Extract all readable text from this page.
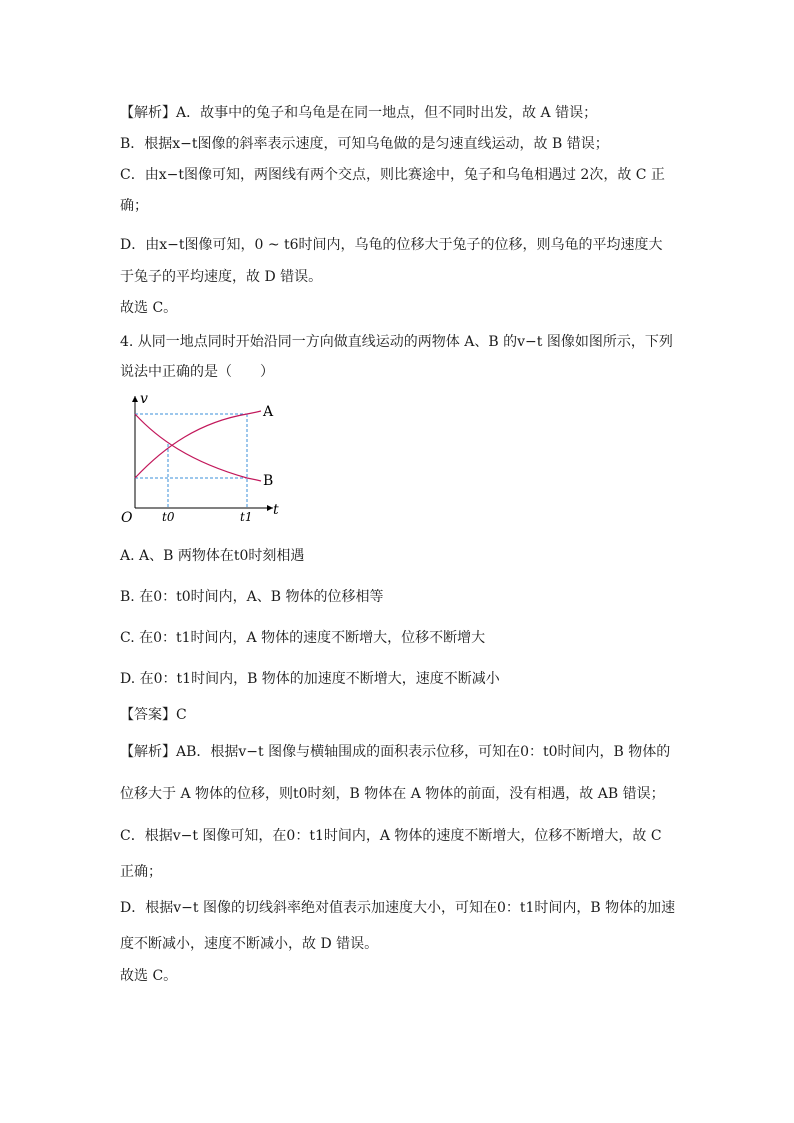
【解析】A．故事中的兔子和乌龟是在同一地点，但不同时出发，故 A 错误；
B．根据x−t图像的斜率表示速度，可知乌龟做的是匀速直线运动，故 B 错误；
C．由x−t图像可知，两图线有两个交点，则比赛途中，兔子和乌龟相遇过 2次，故 C 正
确；
D．由x−t图像可知，0 ~ t6时间内，乌龟的位移大于兔子的位移，则乌龟的平均速度大
于兔子的平均速度，故 D 错误。
故选 C。
4. 从同一地点同时开始沿同一方向做直线运动的两物体 A、B 的v−t 图像如图所示，下列
说法中正确的是（　　）
v
t
O t0	t1
A
B
A. A、B 两物体在t0时刻相遇
B. 在0：t0时间内，A、B 物体的位移相等
C. 在0：t1时间内，A 物体的速度不断增大，位移不断增大
D. 在0：t1时间内，B 物体的加速度不断增大，速度不断减小
【答案】C
【解析】AB．根据v−t 图像与横轴围成的面积表示位移，可知在0：t0时间内，B 物体的
位移大于 A 物体的位移，则t0时刻，B 物体在 A 物体的前面，没有相遇，故 AB 错误；
C．根据v−t 图像可知，在0：t1时间内，A 物体的速度不断增大，位移不断增大，故 C
正确；
D．根据v−t 图像的切线斜率绝对值表示加速度大小，可知在0：t1时间内，B 物体的加速
度不断减小，速度不断减小，故 D 错误。
故选 C。
